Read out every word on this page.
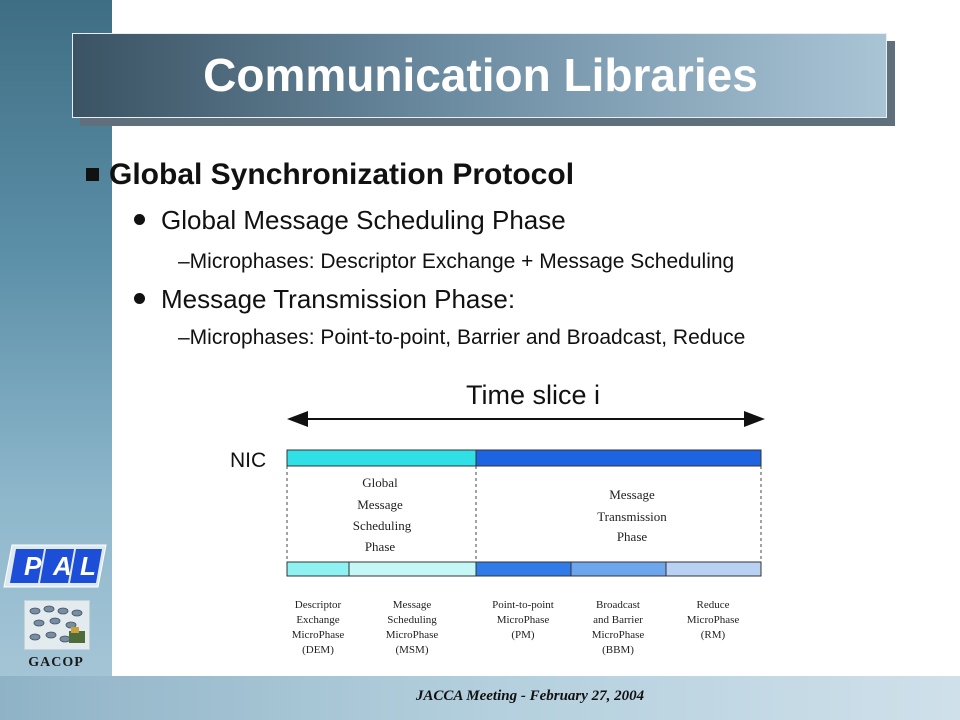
JACCA Meeting - February 27, 2004
Communication Libraries
Global Synchronization Protocol
Global Message Scheduling Phase
–Microphases: Descriptor Exchange + Message Scheduling
Message Transmission Phase:
–Microphases: Point-to-point, Barrier and Broadcast, Reduce
P A L
GACOP
Time slice i
NIC
Global
Message
Scheduling
Phase
Message
Transmission
Phase
Descriptor
Exchange
MicroPhase
(DEM)
Message
Scheduling
MicroPhase
(MSM)
Point-to-point
MicroPhase
(PM)
Broadcast
and Barrier
MicroPhase
(BBM)
Reduce
MicroPhase
(RM)
